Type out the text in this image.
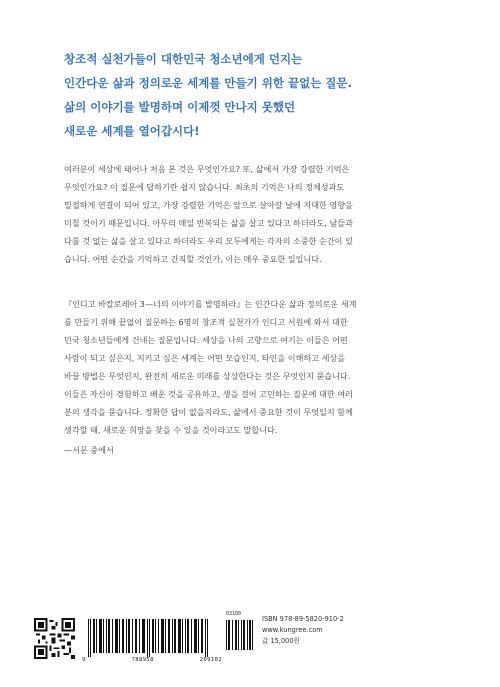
창조적 실천가들이 대한민국 청소년에게 던지는
인간다운 삶과 정의로운 세계를 만들기 위한 끝없는 질문.
삶의 이야기를 발명하며 이제껏 만나지 못했던
새로운 세계를 열어갑시다!
여러분이 세상에 태어나 처음 본 것은 무엇인가요? 또, 삶에서 가장 강렬한 기억은
무엇인가요? 이 질문에 답하기란 쉽지 않습니다. 최초의 기억은 나의 정체성과도
밀접하게 연결이 되어 있고, 가장 강렬한 기억은 앞으로 살아갈 날에 지대한 영향을
미칠 것이기 때문입니다. 아무리 매일 반복되는 삶을 살고 있다고 하더라도, 남들과
다를 것 없는 삶을 살고 있다고 하더라도 우리 모두에게는 각자의 소중한 순간이 있
습니다. 어떤 순간을 기억하고 간직할 것인가, 이는 매우 중요한 일입니다.
『인디고 바칼로레아 3—너의 이야기를 발명하라』는 인간다운 삶과 정의로운 세계
를 만들기 위해 끝없이 질문하는 6명의 창조적 실천가가 인디고 서원에 와서 대한
민국 청소년들에게 건네는 질문입니다. 세상을 나의 고향으로 여기는 이들은 어떤
사람이 되고 싶은지, 지키고 싶은 세계는 어떤 모습인지, 타인을 이해하고 세상을
바꿀 방법은 무엇인지, 완전히 새로운 미래를 상상한다는 것은 무엇인지 묻습니다.
이들은 자신이 경험하고 배운 것을 공유하고, 생을 걸어 고민하는 질문에 대한 여러
분의 생각을 묻습니다. 정확한 답이 없을지라도, 삶에서 중요한 것이 무엇일지 함께
생각할 때, 새로운 희망을 찾을 수 있을 것이라고도 말합니다.
—서문 중에서
03100
9	788958	209102
ISBN 978-89-5820-910-2
www.kungree.com
값 15,000원
